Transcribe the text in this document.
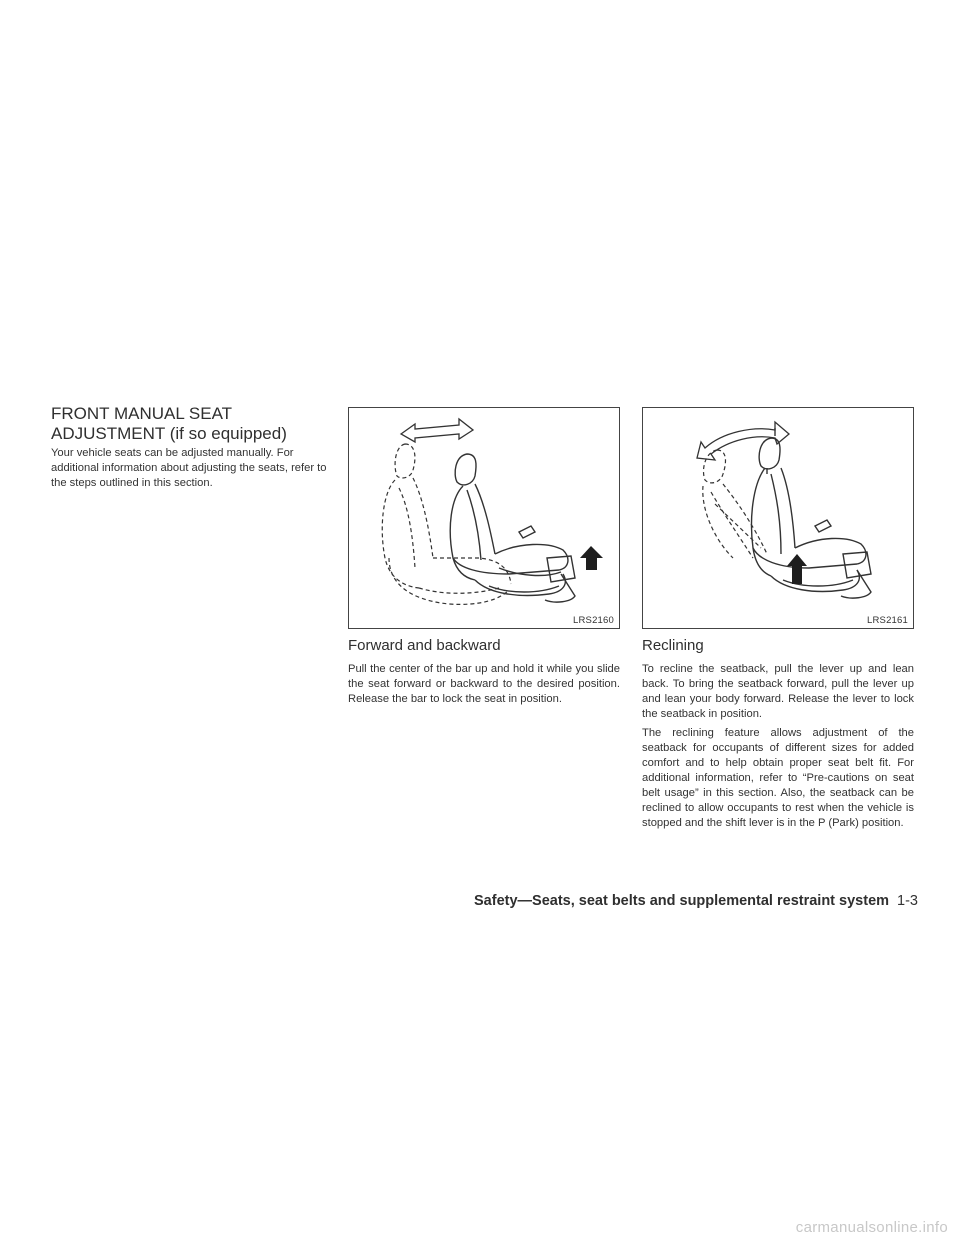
FRONT MANUAL SEAT
ADJUSTMENT (if so equipped)

Your vehicle seats can be adjusted manually. For additional information about adjusting the seats, refer to the steps outlined in this section.

LRS2160
Forward and backward

Pull the center of the bar up and hold it while you slide the seat forward or backward to the desired position. Release the bar to lock the seat in position.

LRS2161
Reclining

To recline the seatback, pull the lever up and lean back. To bring the seatback forward, pull the lever up and lean your body forward. Release the lever to lock the seatback in position.

The reclining feature allows adjustment of the seatback for occupants of different sizes for added comfort and to help obtain proper seat belt fit. For additional information, refer to “Pre-cautions on seat belt usage” in this section. Also, the seatback can be reclined to allow occupants to rest when the vehicle is stopped and the shift lever is in the P (Park) position.

Safety—Seats, seat belts and supplemental restraint system 1-3
carmanualsonline.info
